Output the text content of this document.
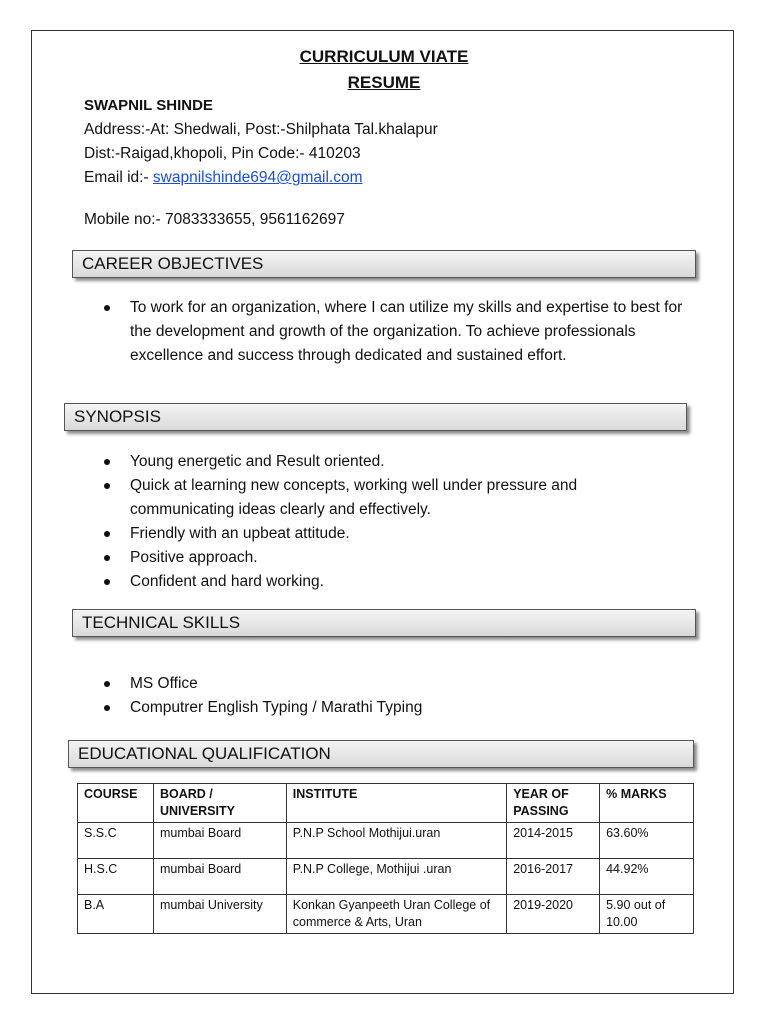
CURRICULUM VIATE
RESUME
SWAPNIL SHINDE
Address:-At: Shedwali, Post:-Shilphata Tal.khalapur
Dist:-Raigad,khopoli, Pin Code:- 410203
Email id:- swapnilshinde694@gmail.com
Mobile no:- 7083333655, 9561162697
CAREER OBJECTIVES
To work for an organization, where I can utilize my skills and expertise to best for the development and growth of the organization. To achieve professionals excellence and success through dedicated and sustained effort.
SYNOPSIS
Young energetic and Result oriented.
Quick at learning new concepts, working well under pressure and communicating ideas clearly and effectively.
Friendly with an upbeat attitude.
Positive approach.
Confident and hard working.
TECHNICAL SKILLS
MS Office
Computrer English Typing / Marathi Typing
EDUCATIONAL QUALIFICATION
COURSE	BOARD / UNIVERSITY	INSTITUTE	YEAR OF PASSING	% MARKS
S.S.C	mumbai Board	P.N.P School Mothijui.uran	2014-2015	63.60%
H.S.C	mumbai Board	P.N.P College, Mothijui .uran	2016-2017	44.92%
B.A	mumbai University	Konkan Gyanpeeth Uran College of commerce & Arts, Uran	2019-2020	5.90 out of 10.00
